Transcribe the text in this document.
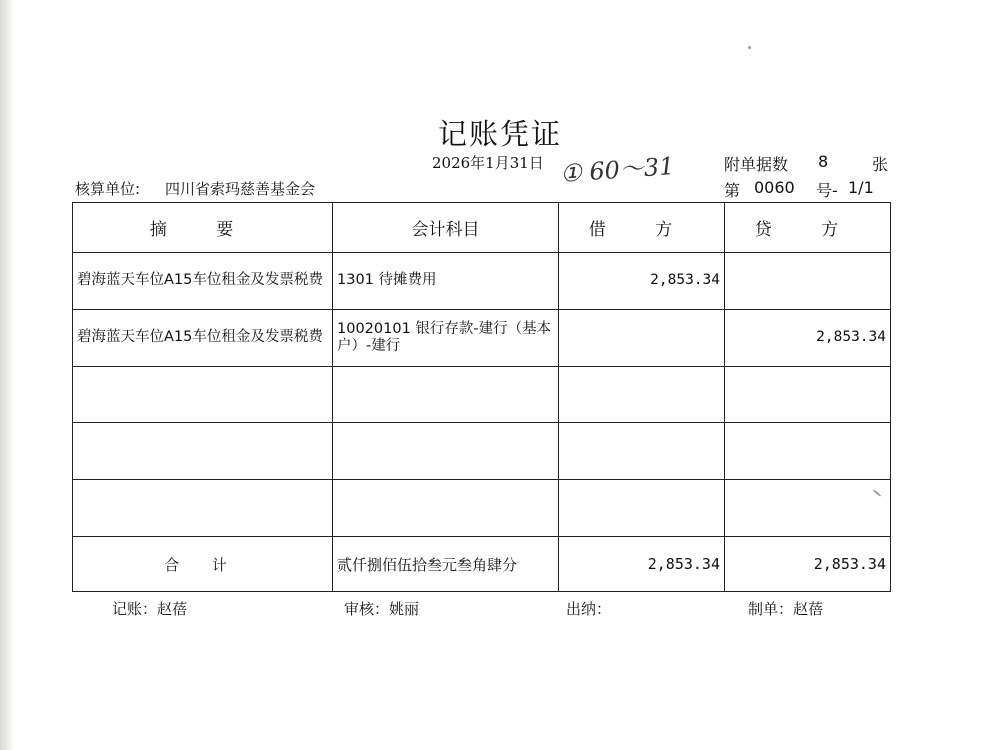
记账凭证
2026年1月31日 ① 60～31	附单据数 8	张
核算单位: 四川省索玛慈善基金会	第 0060 号- 1/1
摘 要	会计科目	借 方	贷 方
碧海蓝天车位A15车位租金及发票税费	1301 待摊费用	2,853.34	
碧海蓝天车位A15车位租金及发票税费	10020101 银行存款-建行（基本户）-建行		2,853.34

合 计	贰仟捌佰伍拾叁元叁角肆分	2,853.34	2,853.34
记账：赵蓓	审核：姚丽	出纳：	制单：赵蓓
